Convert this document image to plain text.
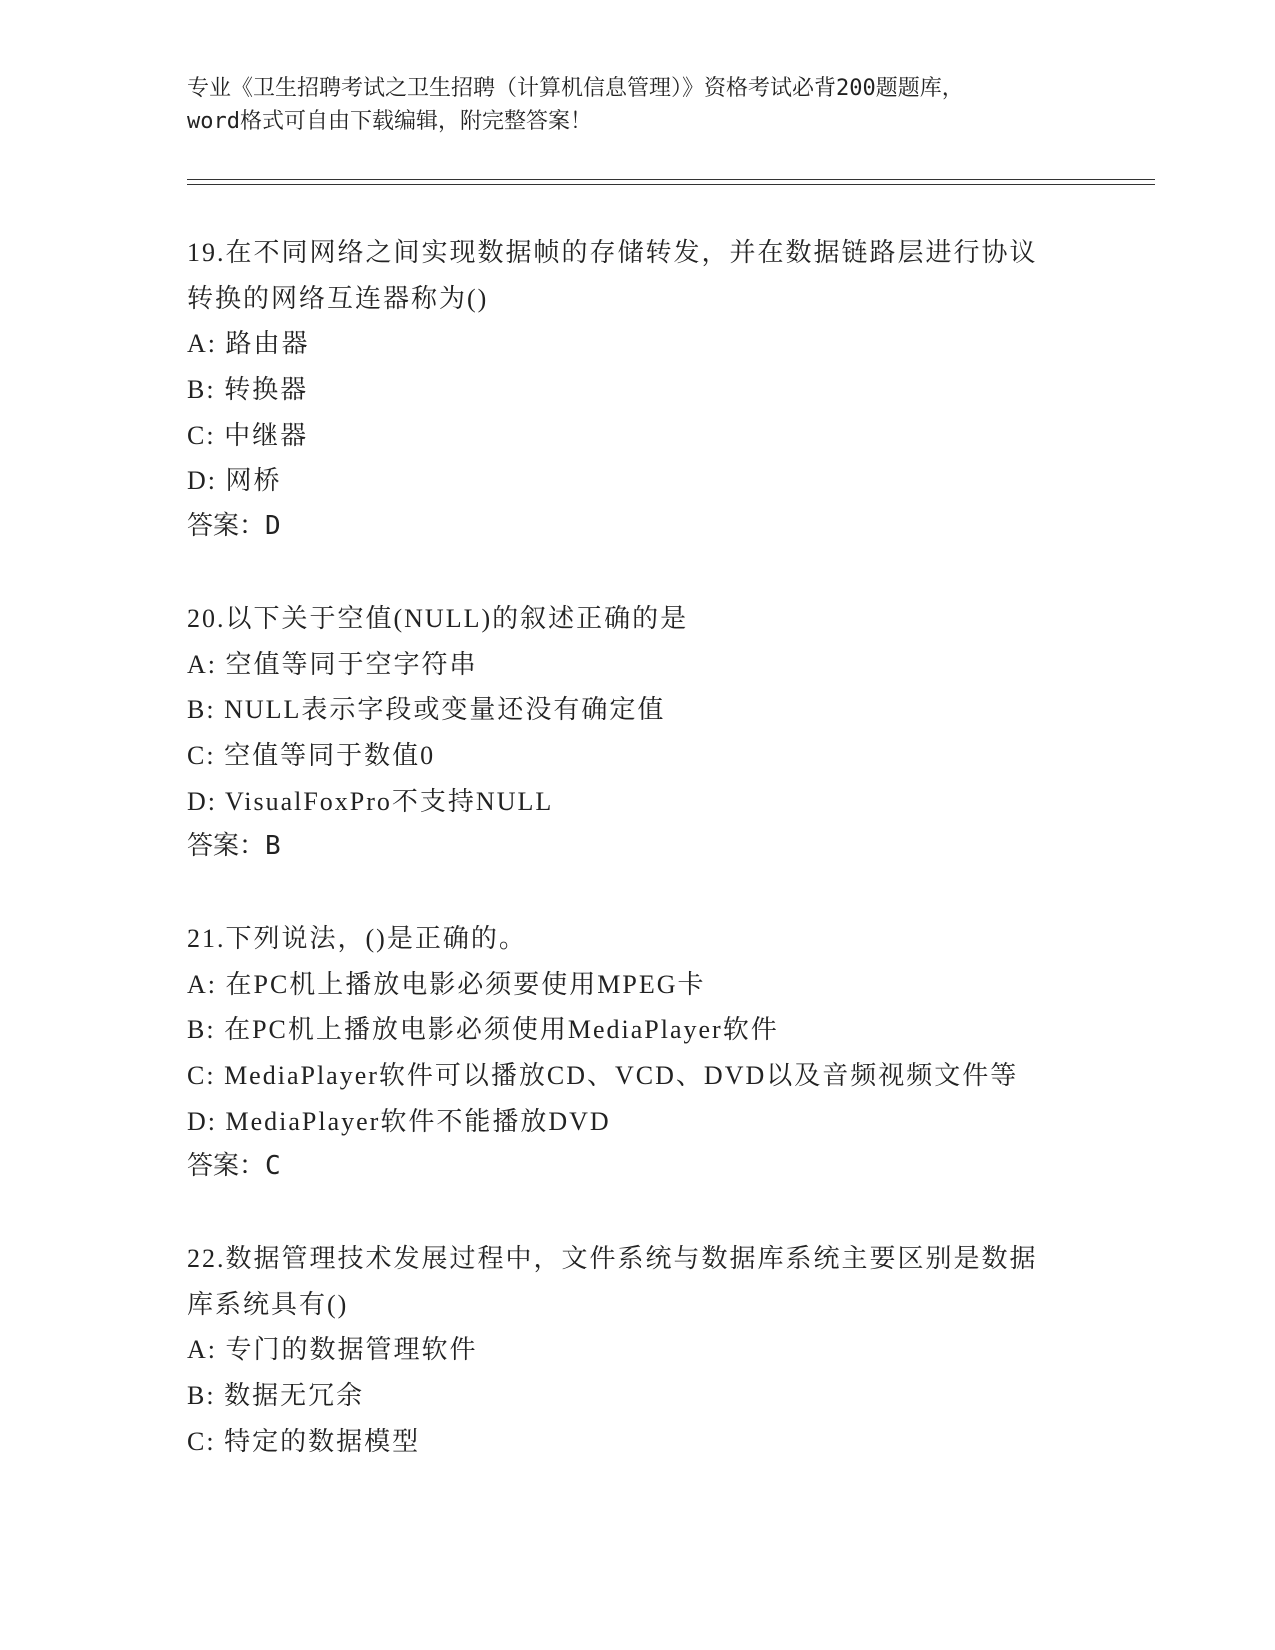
专业《卫生招聘考试之卫生招聘（计算机信息管理）》资格考试必背200题题库，
word格式可自由下载编辑，附完整答案！
19.在不同网络之间实现数据帧的存储转发，并在数据链路层进行协议
转换的网络互连器称为()
A: 路由器
B: 转换器
C: 中继器
D: 网桥
答案：D
20.以下关于空值(NULL)的叙述正确的是
A: 空值等同于空字符串
B: NULL表示字段或变量还没有确定值
C: 空值等同于数值0
D: VisualFoxPro不支持NULL
答案：B
21.下列说法，()是正确的。
A: 在PC机上播放电影必须要使用MPEG卡
B: 在PC机上播放电影必须使用MediaPlayer软件
C: MediaPlayer软件可以播放CD、VCD、DVD以及音频视频文件等
D: MediaPlayer软件不能播放DVD
答案：C
22.数据管理技术发展过程中，文件系统与数据库系统主要区别是数据
库系统具有()
A: 专门的数据管理软件
B: 数据无冗余
C: 特定的数据模型
